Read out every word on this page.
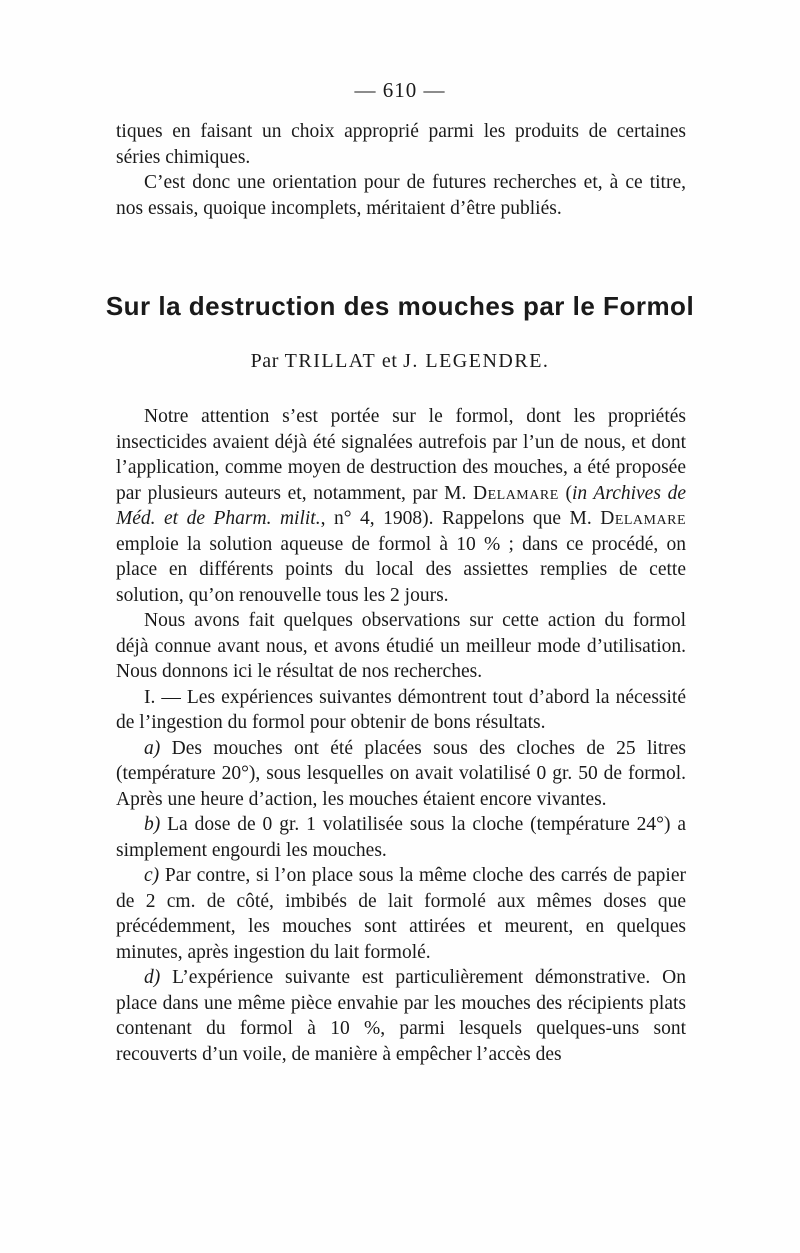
— 610 —

tiques en faisant un choix approprié parmi les produits de certaines séries chimiques.

C’est donc une orientation pour de futures recherches et, à ce titre, nos essais, quoique incomplets, méritaient d’être publiés.

Sur la destruction des mouches par le Formol
Par TRILLAT et J. LEGENDRE.

Notre attention s’est portée sur le formol, dont les propriétés insecticides avaient déjà été signalées autrefois par l’un de nous, et dont l’application, comme moyen de destruction des mouches, a été proposée par plusieurs auteurs et, notamment, par M. Delamare (in Archives de Méd. et de Pharm. milit., n° 4, 1908). Rappelons que M. Delamare emploie la solution aqueuse de formol à 10 % ; dans ce procédé, on place en différents points du local des assiettes remplies de cette solution, qu’on renouvelle tous les 2 jours.

Nous avons fait quelques observations sur cette action du formol déjà connue avant nous, et avons étudié un meilleur mode d’utilisation. Nous donnons ici le résultat de nos recherches.

I. — Les expériences suivantes démontrent tout d’abord la nécessité de l’ingestion du formol pour obtenir de bons résultats.

a) Des mouches ont été placées sous des cloches de 25 litres (température 20°), sous lesquelles on avait volatilisé 0 gr. 50 de formol. Après une heure d’action, les mouches étaient encore vivantes.

b) La dose de 0 gr. 1 volatilisée sous la cloche (température 24°) a simplement engourdi les mouches.

c) Par contre, si l’on place sous la même cloche des carrés de papier de 2 cm. de côté, imbibés de lait formolé aux mêmes doses que précédemment, les mouches sont attirées et meurent, en quelques minutes, après ingestion du lait formolé.

d) L’expérience suivante est particulièrement démonstrative. On place dans une même pièce envahie par les mouches des récipients plats contenant du formol à 10 %, parmi lesquels quelques-uns sont recouverts d’un voile, de manière à empêcher l’accès des
